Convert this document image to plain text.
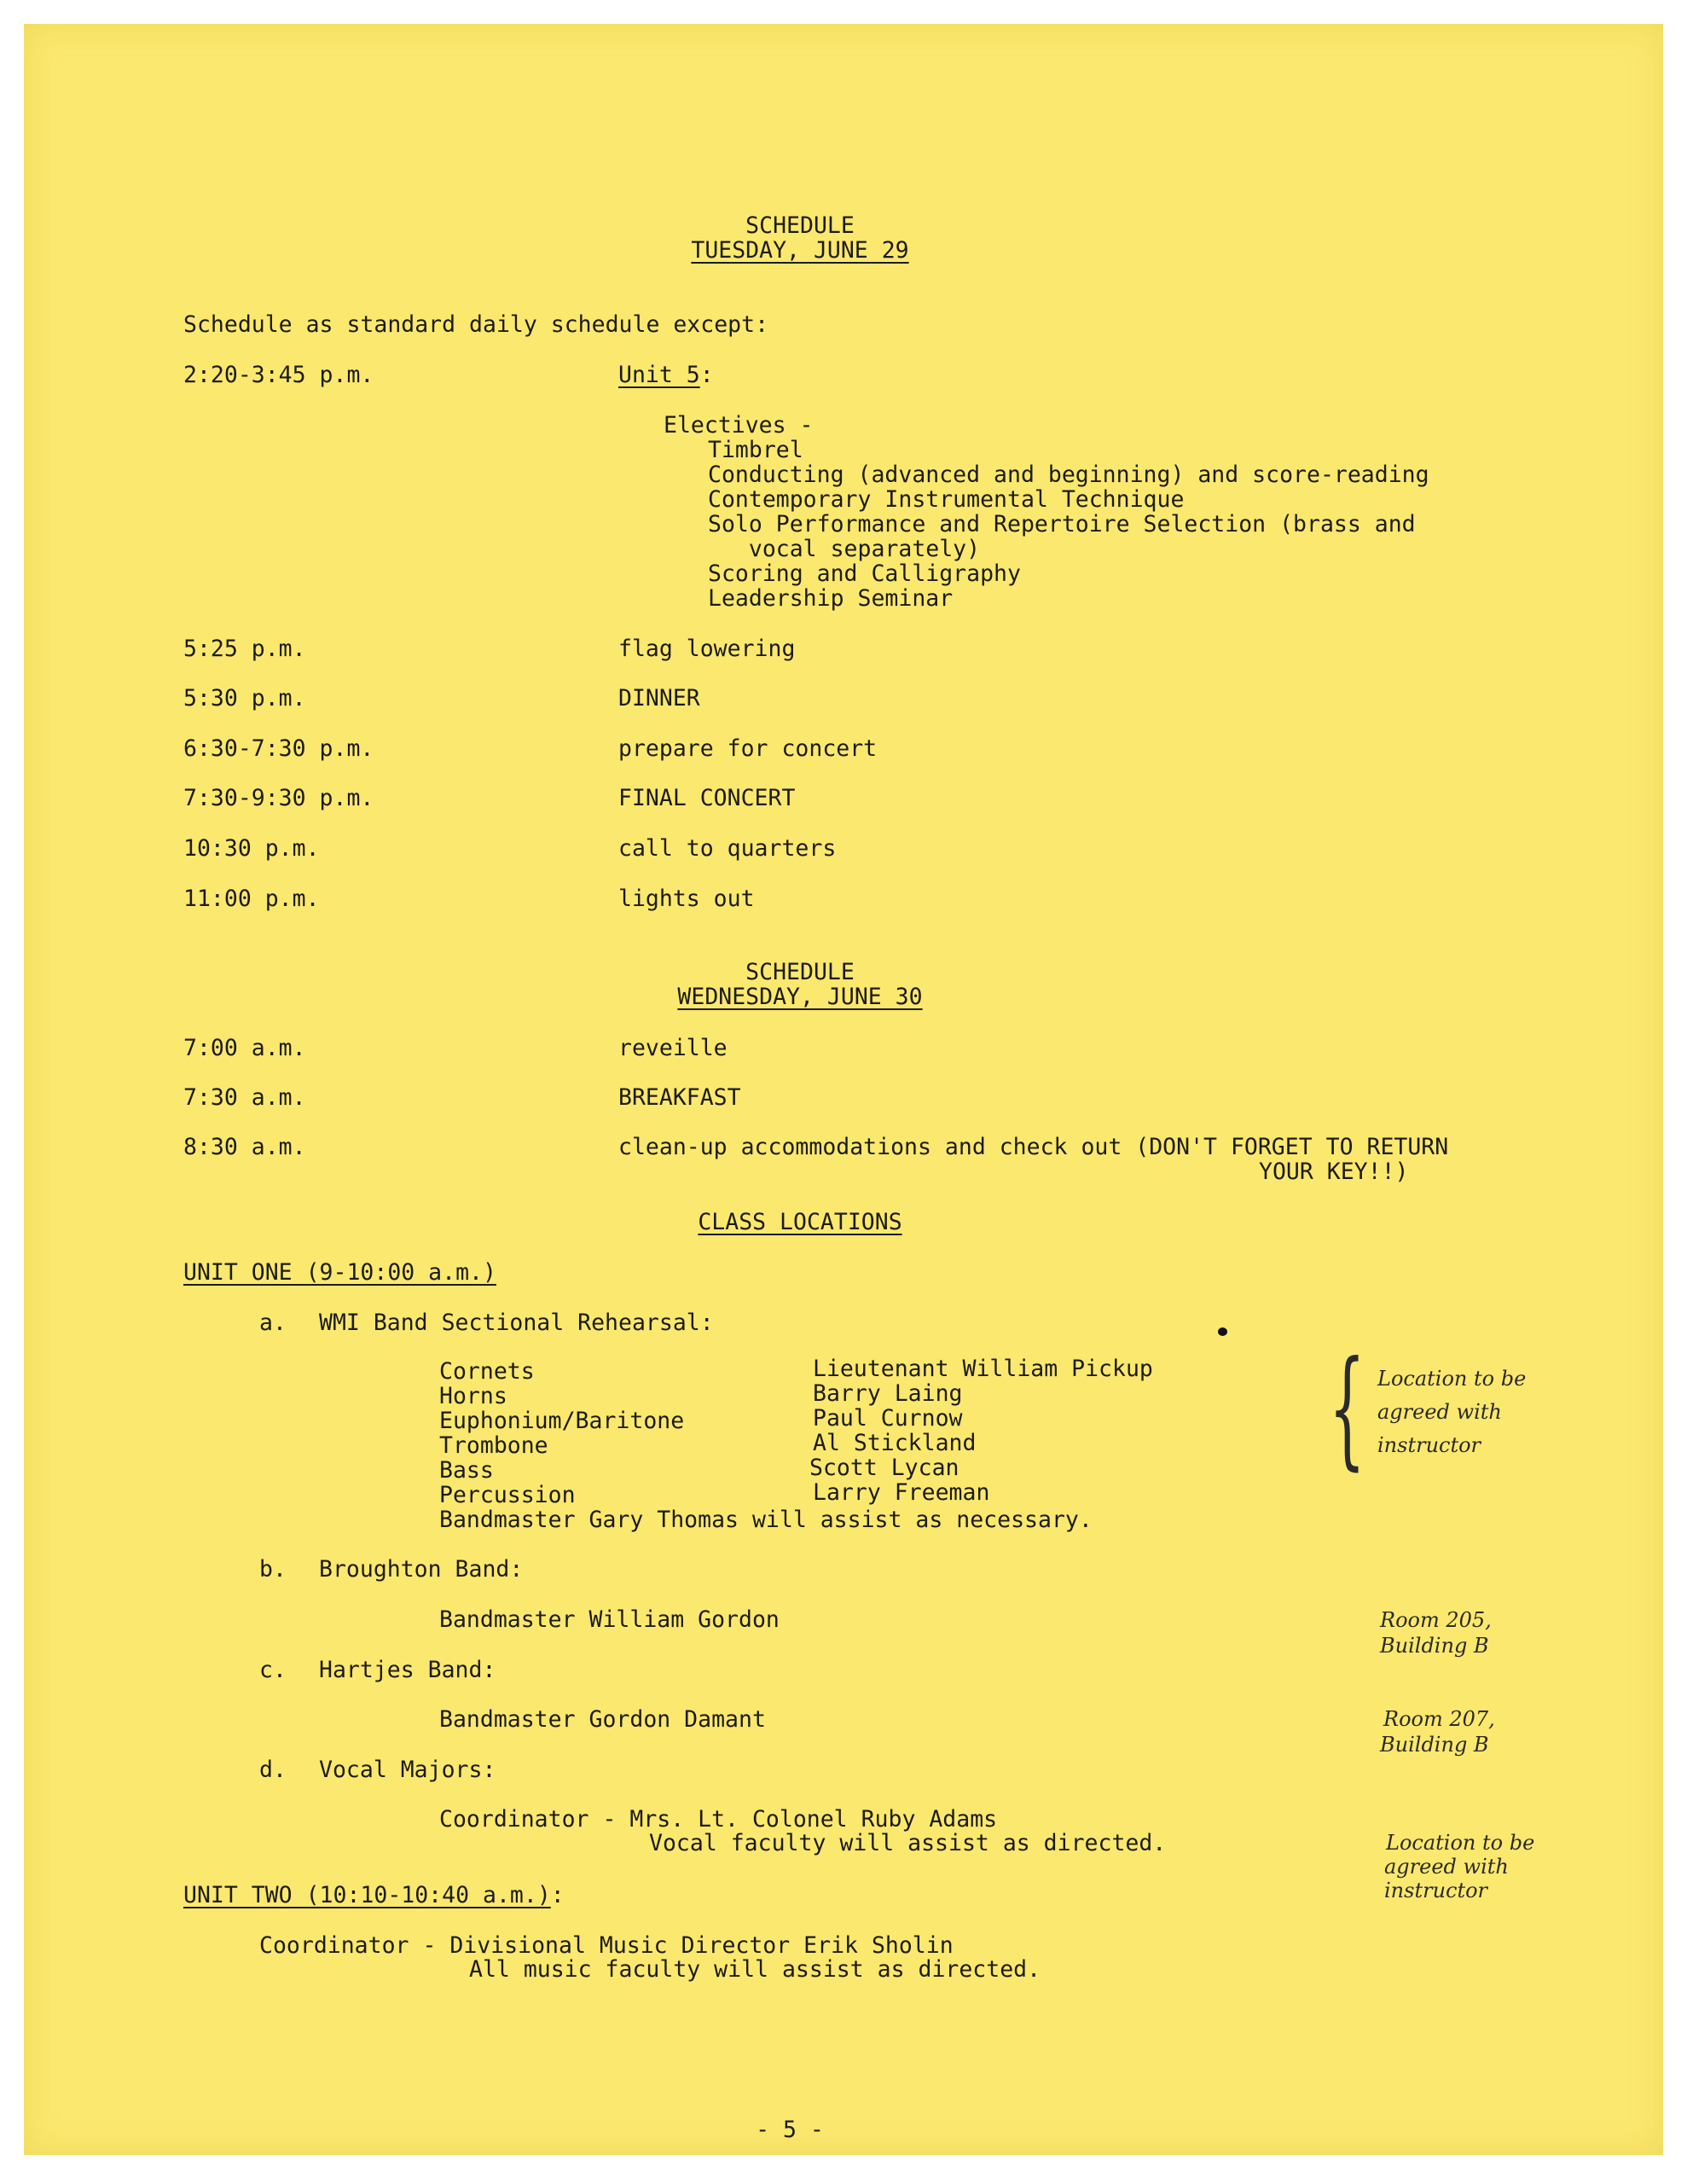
SCHEDULE
TUESDAY, JUNE 29
Schedule as standard daily schedule except:
2:20-3:45 p.m.	Unit 5:
Electives -
Timbrel
Conducting (advanced and beginning) and score-reading
Contemporary Instrumental Technique
Solo Performance and Repertoire Selection (brass and
vocal separately)
Scoring and Calligraphy
Leadership Seminar
5:25 p.m.	flag lowering
5:30 p.m.	DINNER
6:30-7:30 p.m.	prepare for concert
7:30-9:30 p.m.	FINAL CONCERT
10:30 p.m.	call to quarters
11:00 p.m.	lights out
SCHEDULE
WEDNESDAY, JUNE 30
7:00 a.m.	reveille
7:30 a.m.	BREAKFAST
8:30 a.m.	clean-up accommodations and check out (DON'T FORGET TO RETURN
YOUR KEY!!)
CLASS LOCATIONS
UNIT ONE (9-10:00 a.m.)
a. WMI Band Sectional Rehearsal:
Cornets	Lieutenant William Pickup
Horns	Barry Laing
Euphonium/Baritone	Paul Curnow
Trombone	Al Stickland
Bass	Scott Lycan
Percussion	Larry Freeman
Bandmaster Gary Thomas will assist as necessary.
{ Location to be
agreed with
instructor
b. Broughton Band:
Bandmaster William Gordon	Room 205,
Building B
c. Hartjes Band:
Bandmaster Gordon Damant	Room 207,
Building B
d. Vocal Majors:
Coordinator - Mrs. Lt. Colonel Ruby Adams
Vocal faculty will assist as directed.	Location to be
agreed with
instructor
UNIT TWO (10:10-10:40 a.m.):
Coordinator - Divisional Music Director Erik Sholin
All music faculty will assist as directed.
- 5 -
